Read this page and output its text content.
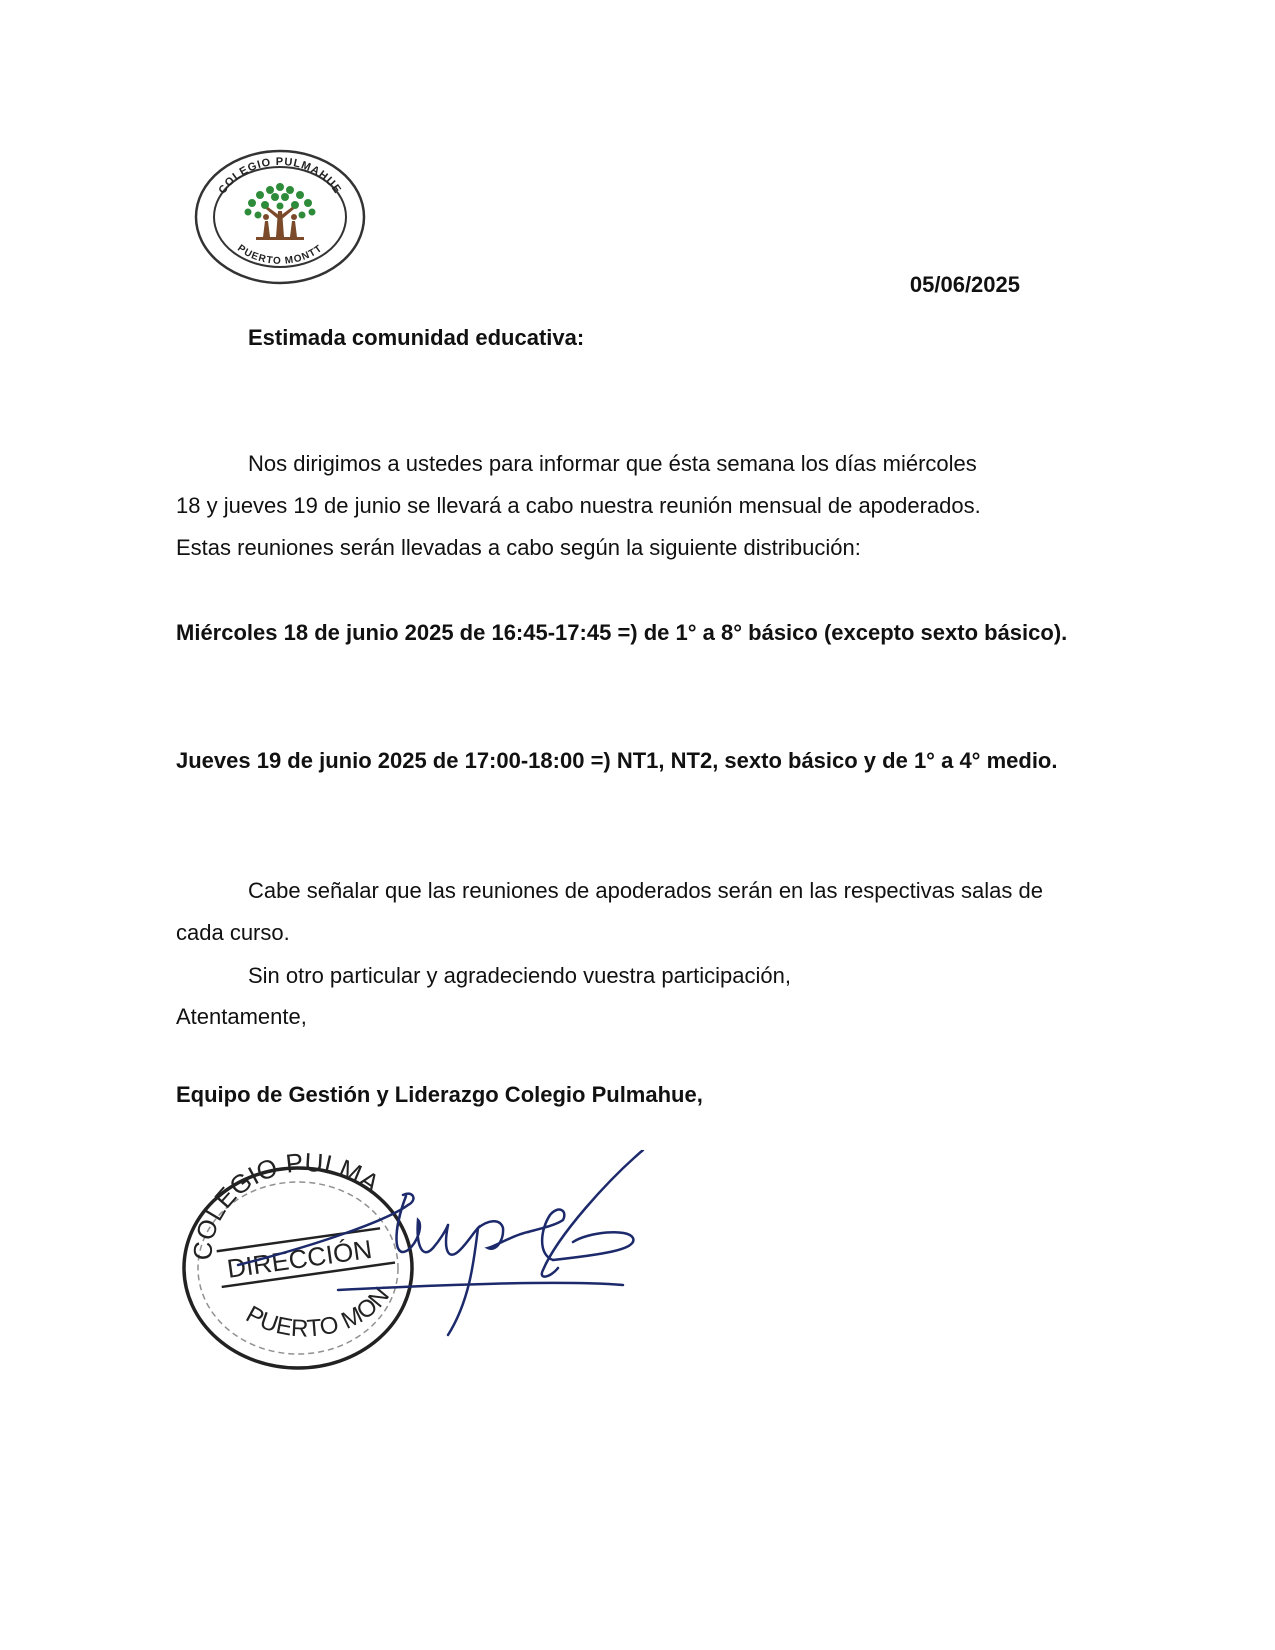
COLEGIO PULMAHUE
PUERTO MONTT
05/06/2025
Estimada comunidad educativa:
Nos dirigimos a ustedes para informar que ésta semana los días miércoles
18 y jueves 19 de junio se llevará a cabo nuestra reunión mensual de apoderados.
Estas reuniones serán llevadas a cabo según la siguiente distribución:
Miércoles 18 de junio 2025 de 16:45-17:45 =) de 1° a 8° básico (excepto sexto básico).
Jueves 19 de junio 2025 de 17:00-18:00 =) NT1, NT2, sexto básico y de 1° a 4° medio.
Cabe señalar que las reuniones de apoderados serán en las respectivas salas de cada curso.
Sin otro particular y agradeciendo vuestra participación,
Atentamente,
Equipo de Gestión y Liderazgo Colegio Pulmahue,
COLEGIO PULMA
PUERTO MON
DIRECCIÓN
